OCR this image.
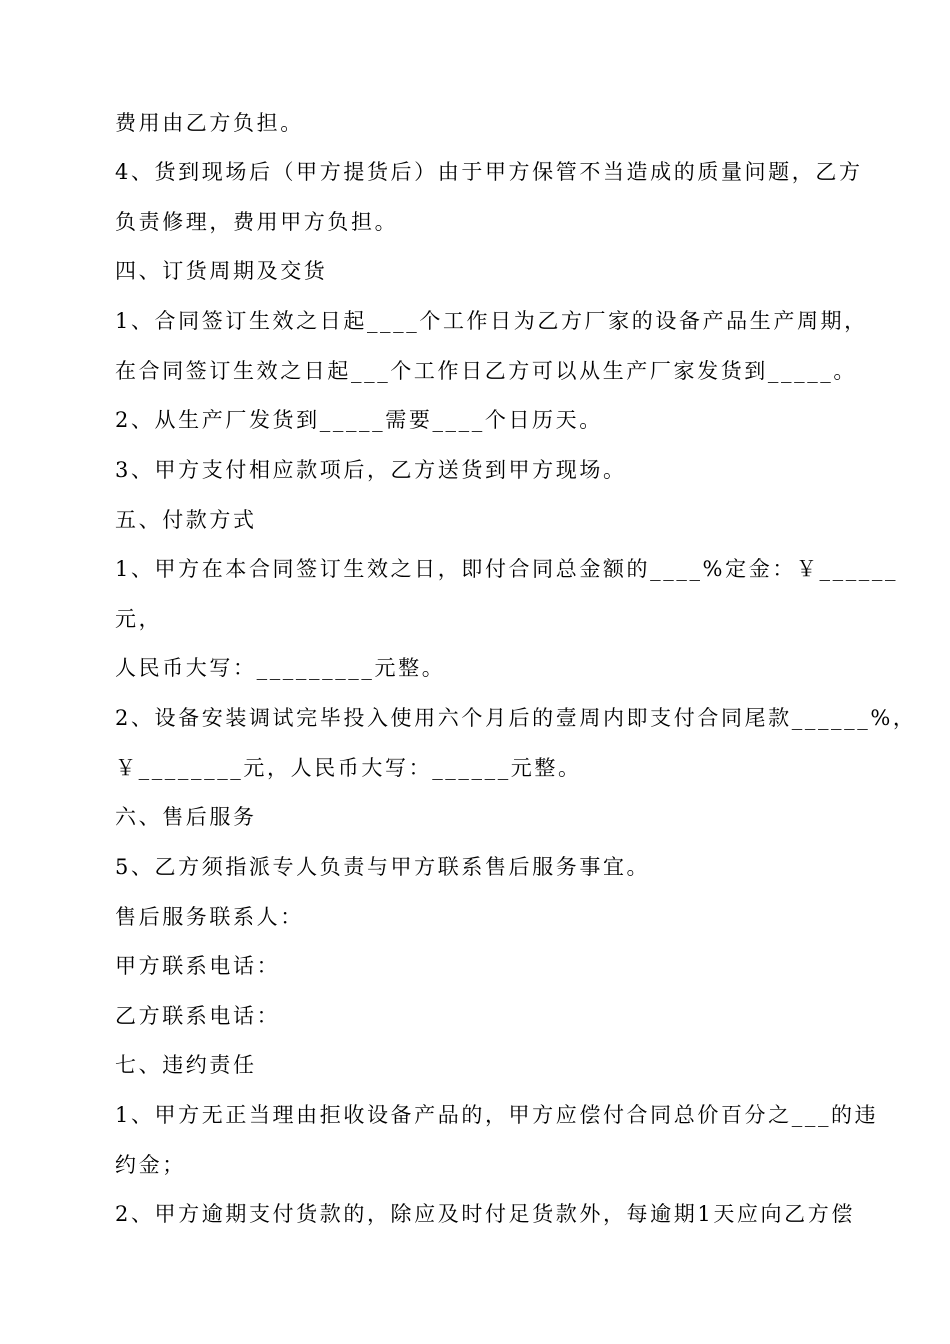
费用由乙方负担。
4、货到现场后（甲方提货后）由于甲方保管不当造成的质量问题，乙方
负责修理，费用甲方负担。
四、订货周期及交货
1、合同签订生效之日起____个工作日为乙方厂家的设备产品生产周期，
在合同签订生效之日起___个工作日乙方可以从生产厂家发货到_____。
2、从生产厂发货到_____需要____个日历天。
3、甲方支付相应款项后，乙方送货到甲方现场。
五、付款方式
1、甲方在本合同签订生效之日，即付合同总金额的____%定金：￥______
元，
人民币大写：_________元整。
2、设备安装调试完毕投入使用六个月后的壹周内即支付合同尾款______%，
￥________元，人民币大写：______元整。
六、售后服务
5、乙方须指派专人负责与甲方联系售后服务事宜。
售后服务联系人：
甲方联系电话：
乙方联系电话：
七、违约责任
1、甲方无正当理由拒收设备产品的，甲方应偿付合同总价百分之___的违
约金；
2、甲方逾期支付货款的，除应及时付足货款外，每逾期1天应向乙方偿
